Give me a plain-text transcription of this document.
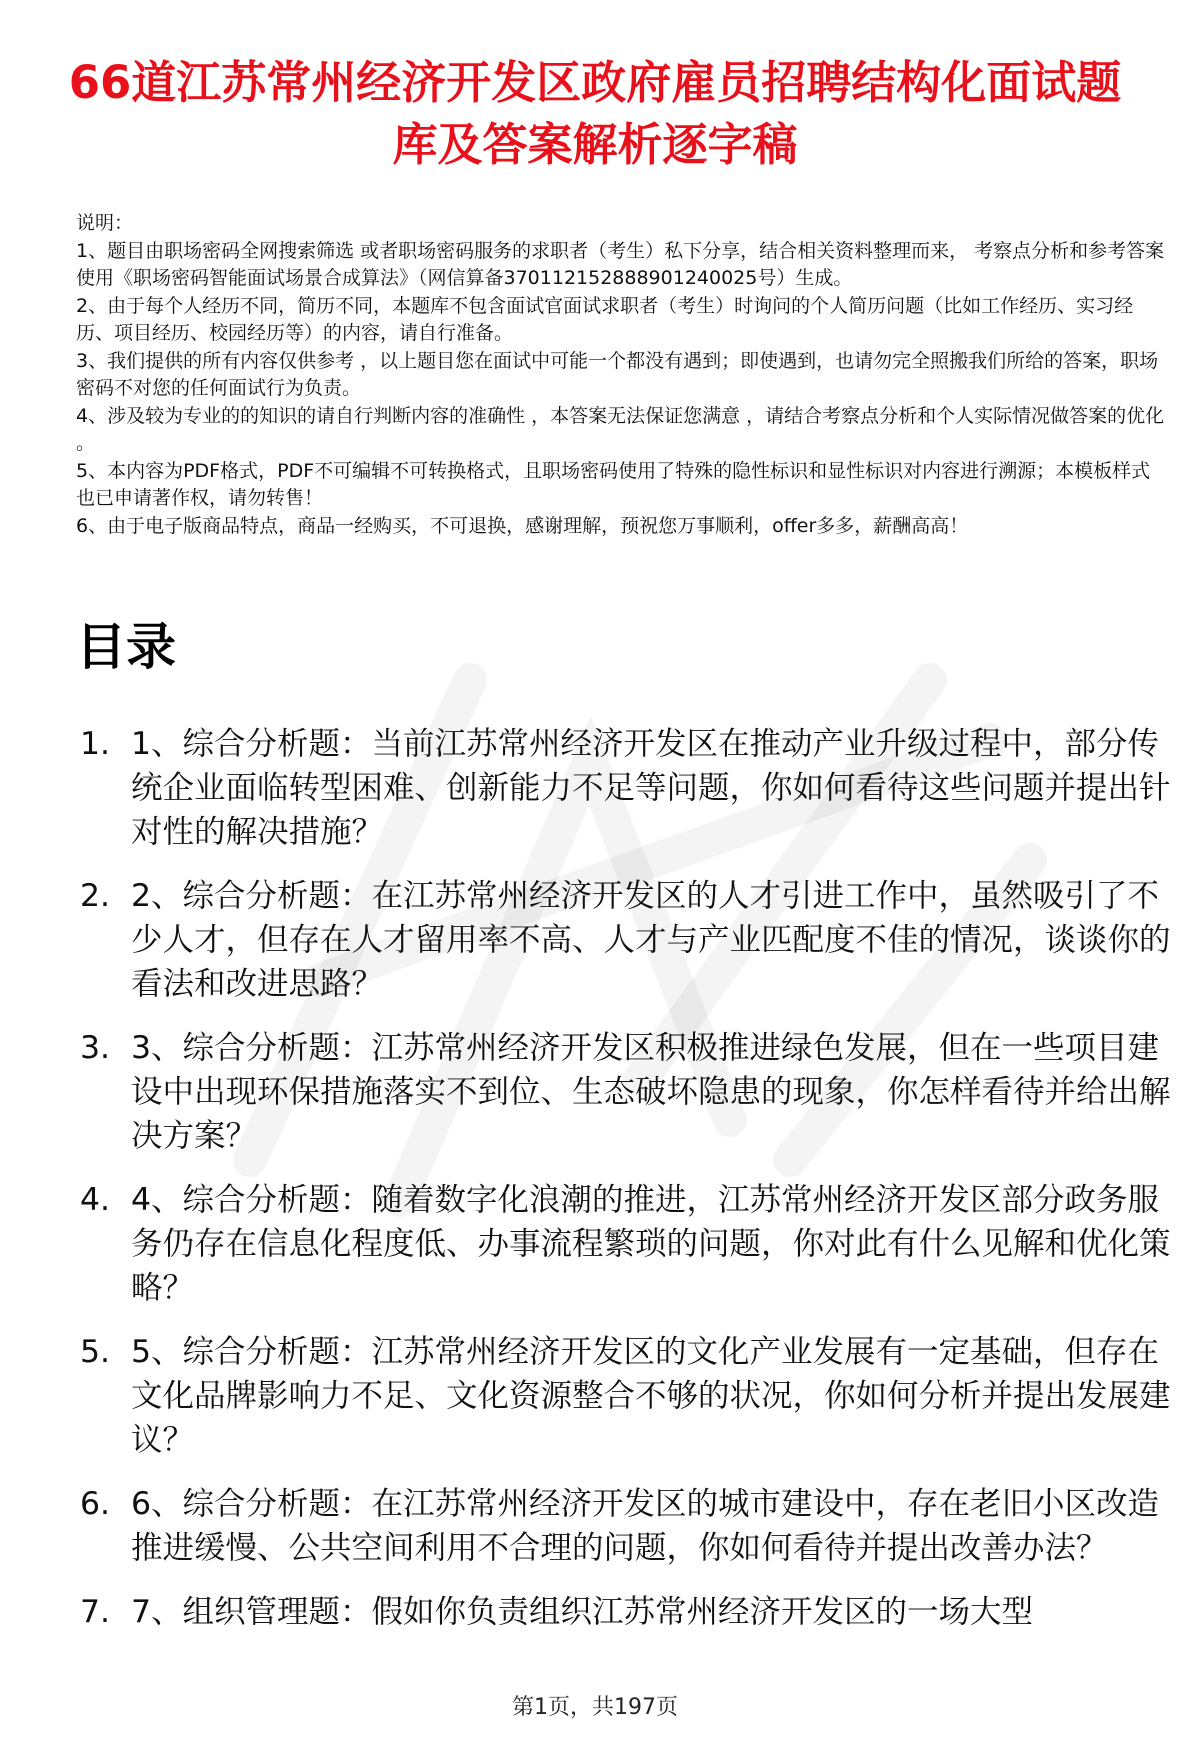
66道江苏常州经济开发区政府雇员招聘结构化面试题库及答案解析逐字稿

说明：

1、题目由职场密码全网搜索筛选 或者职场密码服务的求职者（考生）私下分享，结合相关资料整理而来， 考察点分析和参考答案使用《职场密码智能面试场景合成算法》（网信算备370112152888901240025号）生成。

2、由于每个人经历不同，简历不同，本题库不包含面试官面试求职者（考生）时询问的个人简历问题（比如工作经历、实习经历、项目经历、校园经历等）的内容，请自行准备。

3、我们提供的所有内容仅供参考 ，以上题目您在面试中可能一个都没有遇到；即使遇到，也请勿完全照搬我们所给的答案，职场密码不对您的任何面试行为负责。

4、涉及较为专业的的知识的请自行判断内容的准确性 ，本答案无法保证您满意 ，请结合考察点分析和个人实际情况做答案的优化 。

5、本内容为PDF格式，PDF不可编辑不可转换格式，且职场密码使用了特殊的隐性标识和显性标识对内容进行溯源；本模板样式也已申请著作权，请勿转售！

6、由于电子版商品特点，商品一经购买，不可退换，感谢理解，预祝您万事顺利，offer多多，薪酬高高！

目录
1. 1、综合分析题：当前江苏常州经济开发区在推动产业升级过程中，部分传统企业面临转型困难、创新能力不足等问题，你如何看待这些问题并提出针对性的解决措施？
2. 2、综合分析题：在江苏常州经济开发区的人才引进工作中，虽然吸引了不少人才，但存在人才留用率不高、人才与产业匹配度不佳的情况，谈谈你的看法和改进思路？
3. 3、综合分析题：江苏常州经济开发区积极推进绿色发展，但在一些项目建设中出现环保措施落实不到位、生态破坏隐患的现象，你怎样看待并给出解决方案？
4. 4、综合分析题：随着数字化浪潮的推进，江苏常州经济开发区部分政务服务仍存在信息化程度低、办事流程繁琐的问题，你对此有什么见解和优化策略？
5. 5、综合分析题：江苏常州经济开发区的文化产业发展有一定基础，但存在文化品牌影响力不足、文化资源整合不够的状况，你如何分析并提出发展建议？
6. 6、综合分析题：在江苏常州经济开发区的城市建设中，存在老旧小区改造推进缓慢、公共空间利用不合理的问题，你如何看待并提出改善办法？
7. 7、组织管理题：假如你负责组织江苏常州经济开发区的一场大型
第1页，共197页
